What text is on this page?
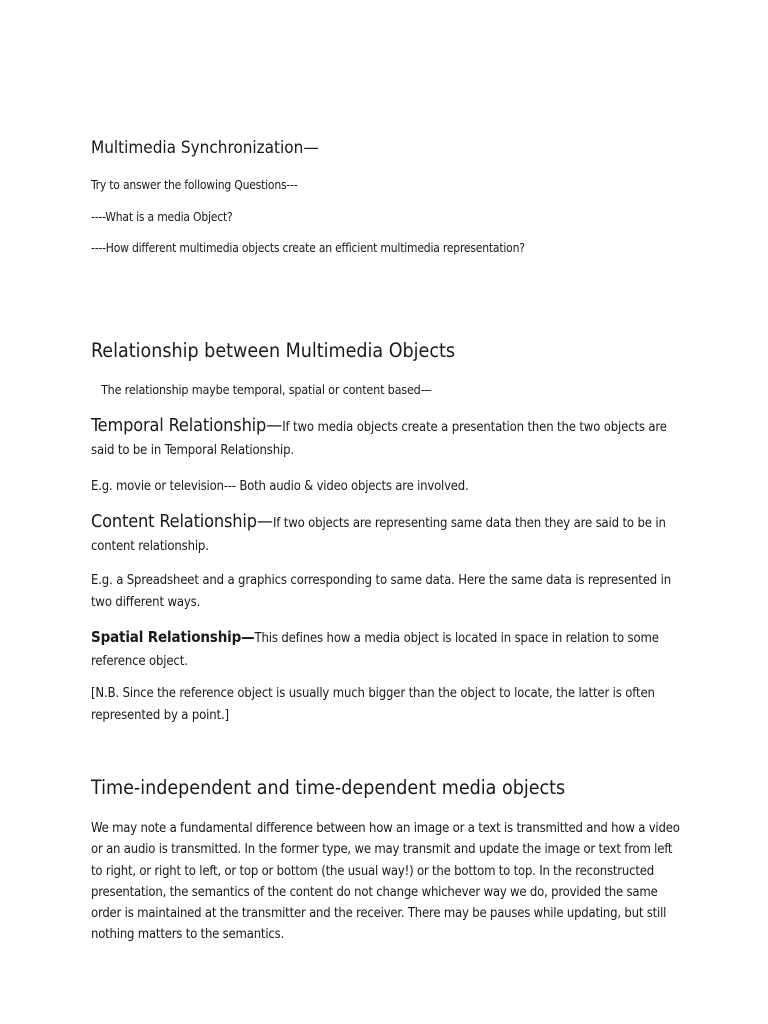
Multimedia Synchronization—
Try to answer the following Questions---
----What is a media Object?
----How different multimedia objects create an efficient multimedia representation?
Relationship between Multimedia Objects
The relationship maybe temporal, spatial or content based—
Temporal Relationship—If two media objects create a presentation then the two objects are said to be in Temporal Relationship.
E.g. movie or television--- Both audio & video objects are involved.
Content Relationship—If two objects are representing same data then they are said to be in content relationship.
E.g. a Spreadsheet and a graphics corresponding to same data. Here the same data is represented in two different ways.
Spatial Relationship—This defines how a media object is located in space in relation to some reference object.
[N.B. Since the reference object is usually much bigger than the object to locate, the latter is often represented by a point.]
Time-independent and time-dependent media objects
We may note a fundamental difference between how an image or a text is transmitted and how a video or an audio is transmitted. In the former type, we may transmit and update the image or text from left to right, or right to left, or top or bottom (the usual way!) or the bottom to top. In the reconstructed presentation, the semantics of the content do not change whichever way we do, provided the same order is maintained at the transmitter and the receiver. There may be pauses while updating, but still nothing matters to the semantics.
